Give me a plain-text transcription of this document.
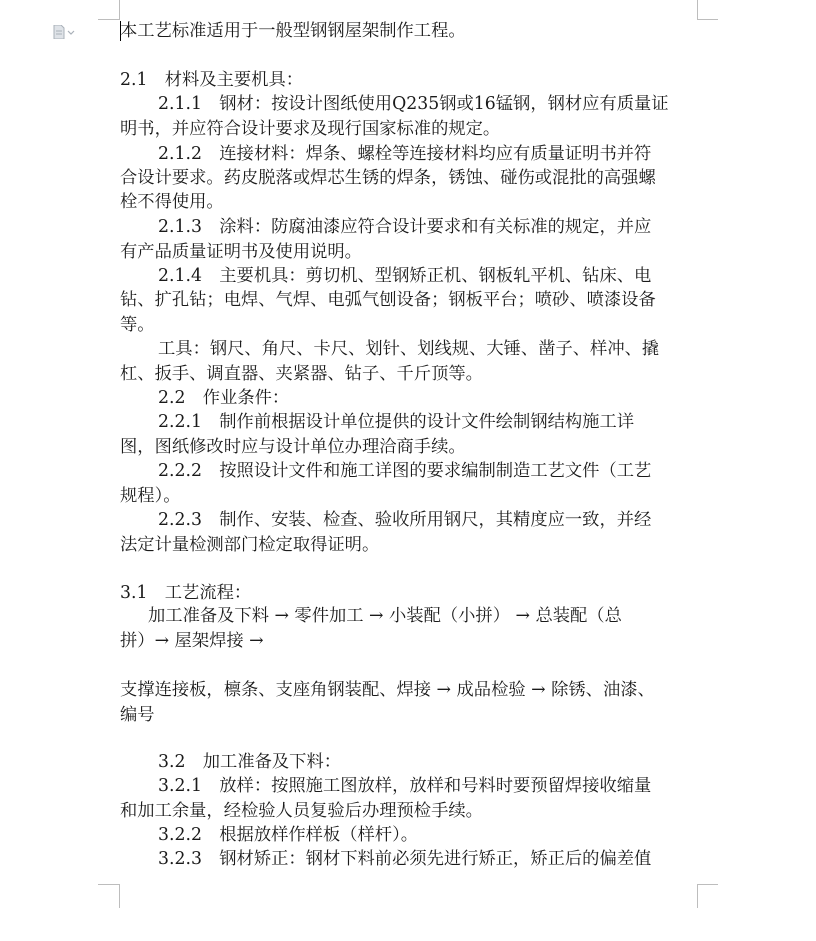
本工艺标准适用于一般型钢钢屋架制作工程。
2.1　材料及主要机具：
2.1.1　钢材：按设计图纸使用Q235钢或16锰钢，钢材应有质量证
明书，并应符合设计要求及现行国家标准的规定。
2.1.2　连接材料：焊条、螺栓等连接材料均应有质量证明书并符
合设计要求。药皮脱落或焊芯生锈的焊条，锈蚀、碰伤或混批的高强螺
栓不得使用。
2.1.3　涂料：防腐油漆应符合设计要求和有关标准的规定，并应
有产品质量证明书及使用说明。
2.1.4　主要机具：剪切机、型钢矫正机、钢板轧平机、钻床、电
钻、扩孔钻；电焊、气焊、电弧气刨设备；钢板平台；喷砂、喷漆设备
等。
工具：钢尺、角尺、卡尺、划针、划线规、大锤、凿子、样冲、撬
杠、扳手、调直器、夹紧器、钻子、千斤顶等。
2.2　作业条件：
2.2.1　制作前根据设计单位提供的设计文件绘制钢结构施工详
图，图纸修改时应与设计单位办理洽商手续。
2.2.2　按照设计文件和施工详图的要求编制制造工艺文件（工艺
规程）。
2.2.3　制作、安装、检查、验收所用钢尺，其精度应一致，并经
法定计量检测部门检定取得证明。
3.1　工艺流程：
加工准备及下料 → 零件加工 → 小装配（小拼） → 总装配（总
拼）→ 屋架焊接 →
支撑连接板，檩条、支座角钢装配、焊接 → 成品检验 → 除锈、油漆、
编号
3.2　加工准备及下料：
3.2.1　放样：按照施工图放样，放样和号料时要预留焊接收缩量
和加工余量，经检验人员复验后办理预检手续。
3.2.2　根据放样作样板（样杆）。
3.2.3　钢材矫正：钢材下料前必须先进行矫正，矫正后的偏差值
